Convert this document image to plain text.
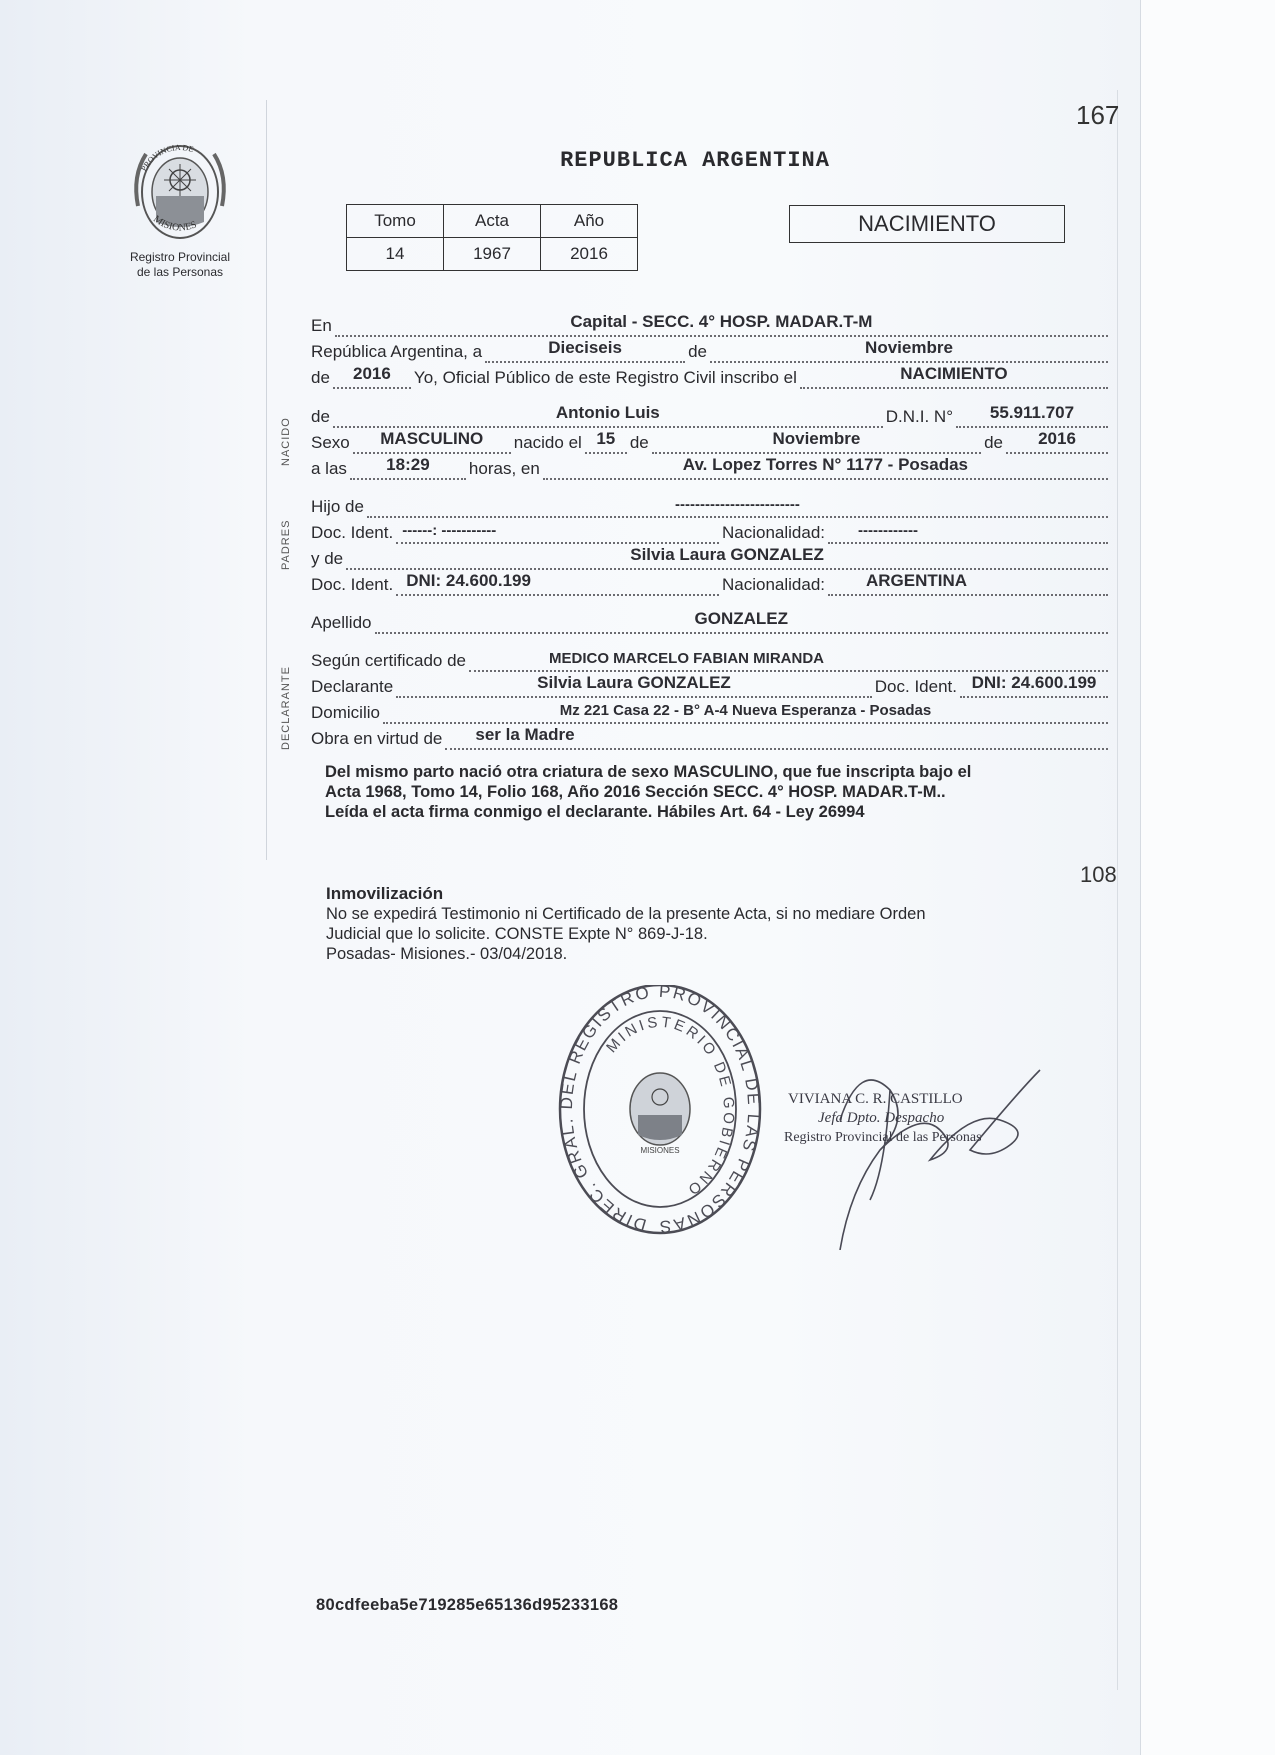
167
PROVINCIA DE
MISIONES
Registro Provincial
de las Personas
REPUBLICA ARGENTINA
Tomo	Acta	Año
14	1967	2016
NACIMIENTO
NACIDO
PADRES
DECLARANTE
En	Capital - SECC. 4° HOSP. MADAR.T-M
República Argentina, a	Dieciseis	de	Noviembre
de	2016	Yo, Oficial Público de este Registro Civil inscribo el	NACIMIENTO
de	Antonio Luis	D.N.I. N°	55.911.707
Sexo	MASCULINO	nacido el 15 de	Noviembre	de	2016
a las	18:29	horas, en	Av. Lopez Torres N° 1177 - Posadas
Hijo de	-------------------------
Doc. Ident. ------: -----------	Nacionalidad: ------------
y de	Silvia Laura GONZALEZ
Doc. Ident. DNI: 24.600.199	Nacionalidad: ARGENTINA
Apellido	GONZALEZ
Según certificado de	MEDICO MARCELO FABIAN MIRANDA
Declarante	Silvia Laura GONZALEZ	Doc. Ident. DNI: 24.600.199
Domicilio	Mz 221 Casa 22 - B° A-4 Nueva Esperanza - Posadas
Obra en virtud de ser la Madre
Del mismo parto nació otra criatura de sexo MASCULINO, que fue inscripta bajo el
Acta 1968, Tomo 14, Folio 168, Año 2016 Sección SECC. 4° HOSP. MADAR.T-M..
Leída el acta firma conmigo el declarante. Hábiles Art. 64 - Ley 26994
108
Inmovilización
No se expedirá Testimonio ni Certificado de la presente Acta, si no mediare Orden
Judicial que lo solicite. CONSTE Expte N° 869-J-18.
Posadas- Misiones.- 03/04/2018.
DIREC. GRAL. DEL REGISTRO PROVINCIAL DE LAS PERSONAS
MINISTERIO DE GOBIERNO
MISIONES
VIVIANA C. R. CASTILLO
Jefa Dpto. Despacho
Registro Provincial de las Personas
80cdfeeba5e719285e65136d95233168
